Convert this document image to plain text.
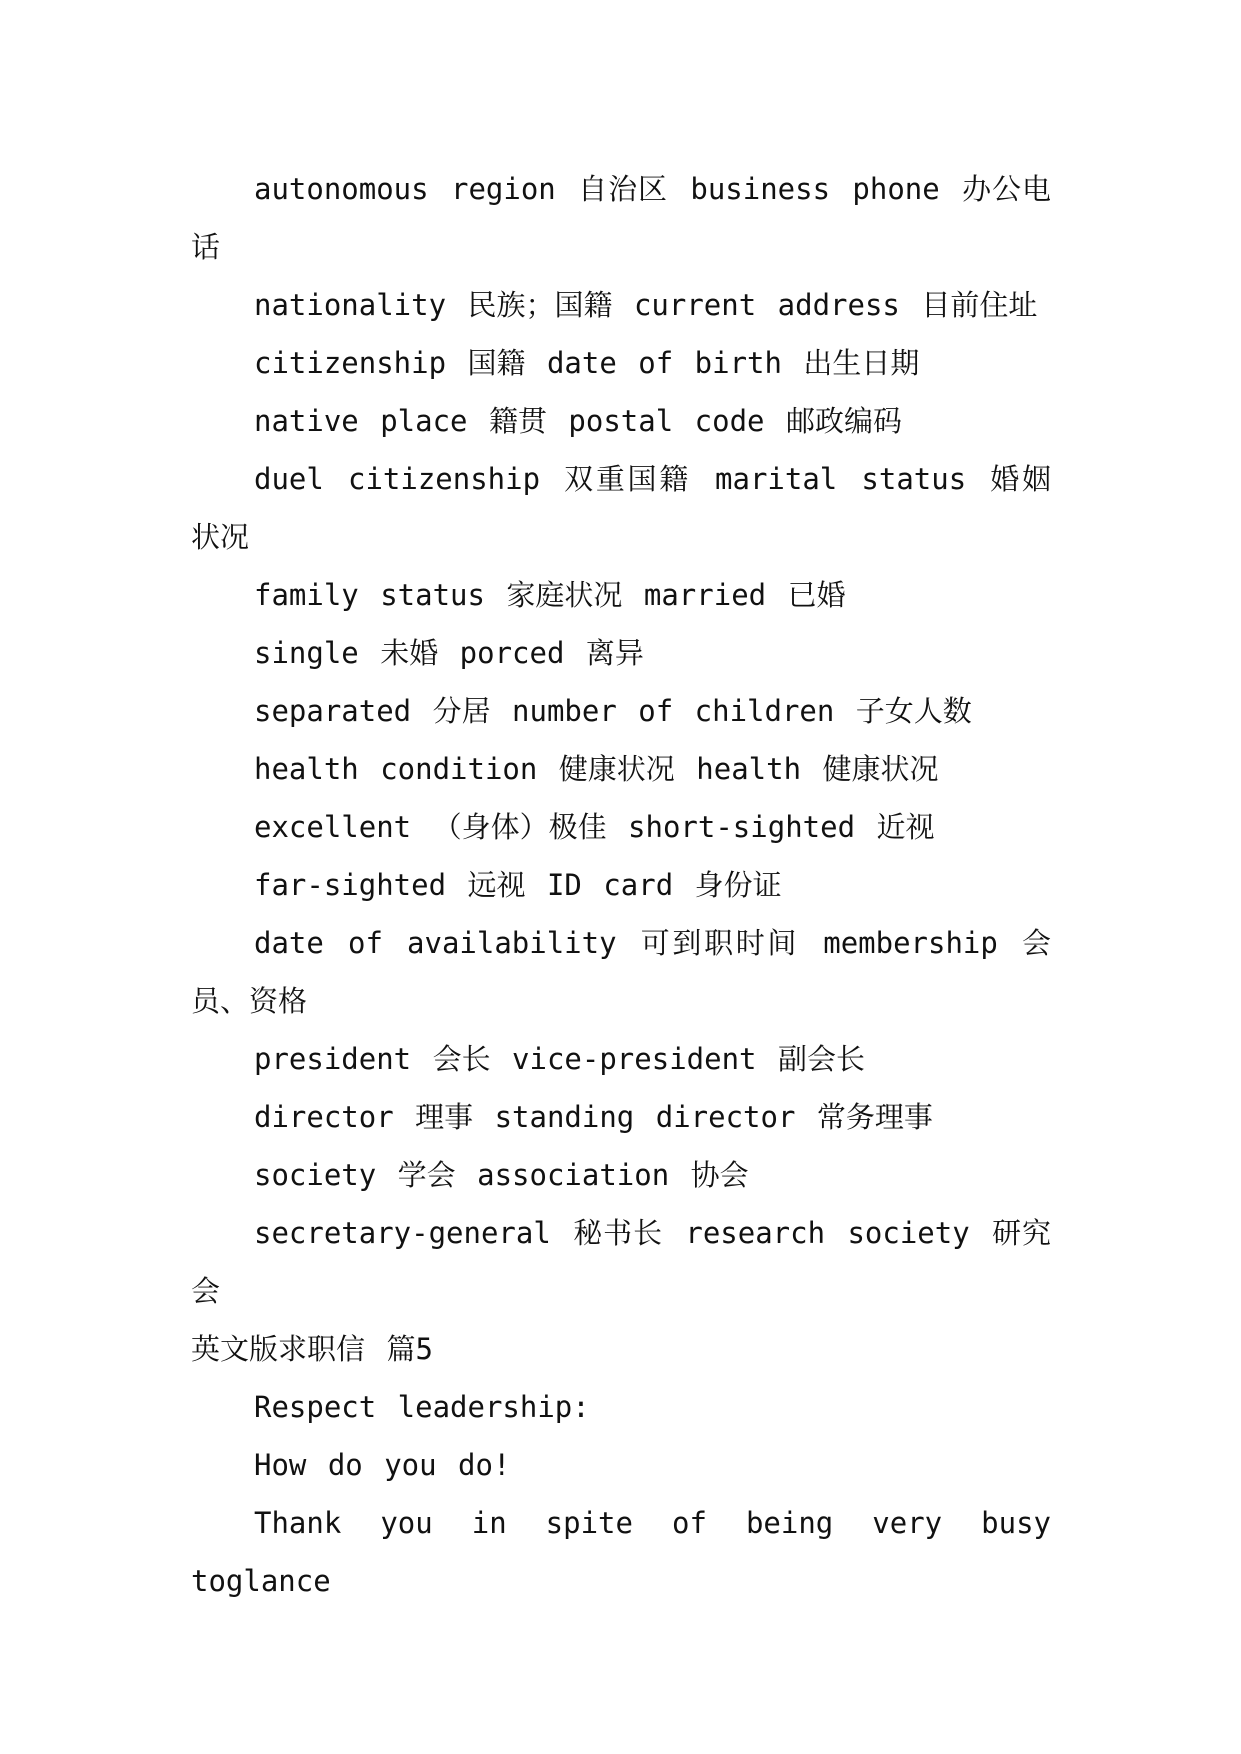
autonomous region 自治区 business phone 办公电话

nationality 民族；国籍 current address 目前住址

citizenship 国籍 date of birth 出生日期

native place 籍贯 postal code 邮政编码

duel citizenship 双重国籍 marital status 婚姻状况

family status 家庭状况 married 已婚

single 未婚 porced 离异

separated 分居 number of children 子女人数

health condition 健康状况 health 健康状况

excellent （身体）极佳 short-sighted 近视

far-sighted 远视 ID card 身份证

date of availability 可到职时间 membership 会员、资格

president 会长 vice-president 副会长

director 理事 standing director 常务理事

society 学会 association 协会

secretary-general 秘书长 research society 研究会

英文版求职信 篇5

Respect leadership:

How do you do!

Thank you in spite of being very busy toglance
